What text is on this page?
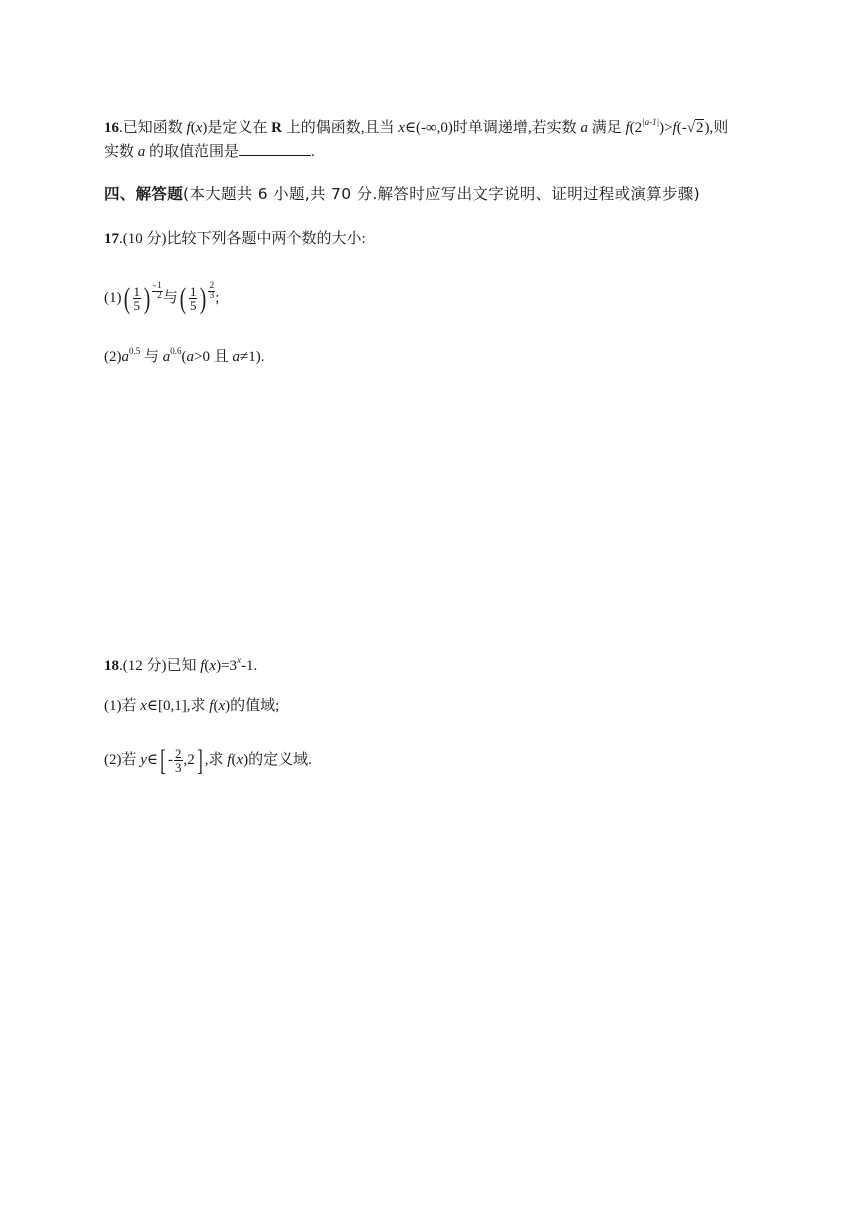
16.已知函数 f(x)是定义在 R 上的偶函数,且当 x∈(-∞,0)时单调递增,若实数 a 满足 $f(2^{|a-1|})>f(-√2)$,则
实数 a 的取值范围是	.
四、解答题(本大题共 6 小题,共 70 分.解答时应写出文字说明、证明过程或演算步骤)
17.(10 分)比较下列各题中两个数的大小:
$(1)( \frac{1}{5}$ ) - $\frac{1}{2}$ 与( $\frac{1}{5}$ ) $\frac{2}{3}$ ;
$(2)a^{0.5}$ 与 $a^{0.6}(a>0$ 且 a≠1).
18.(12 分)已知 $f(x)=3^x-1$.
(1)若 x∈[0,1],求 f(x)的值域;
(2)若 y∈[ - $\frac{2}{3} ,2$] ,求 f(x)的定义域.
